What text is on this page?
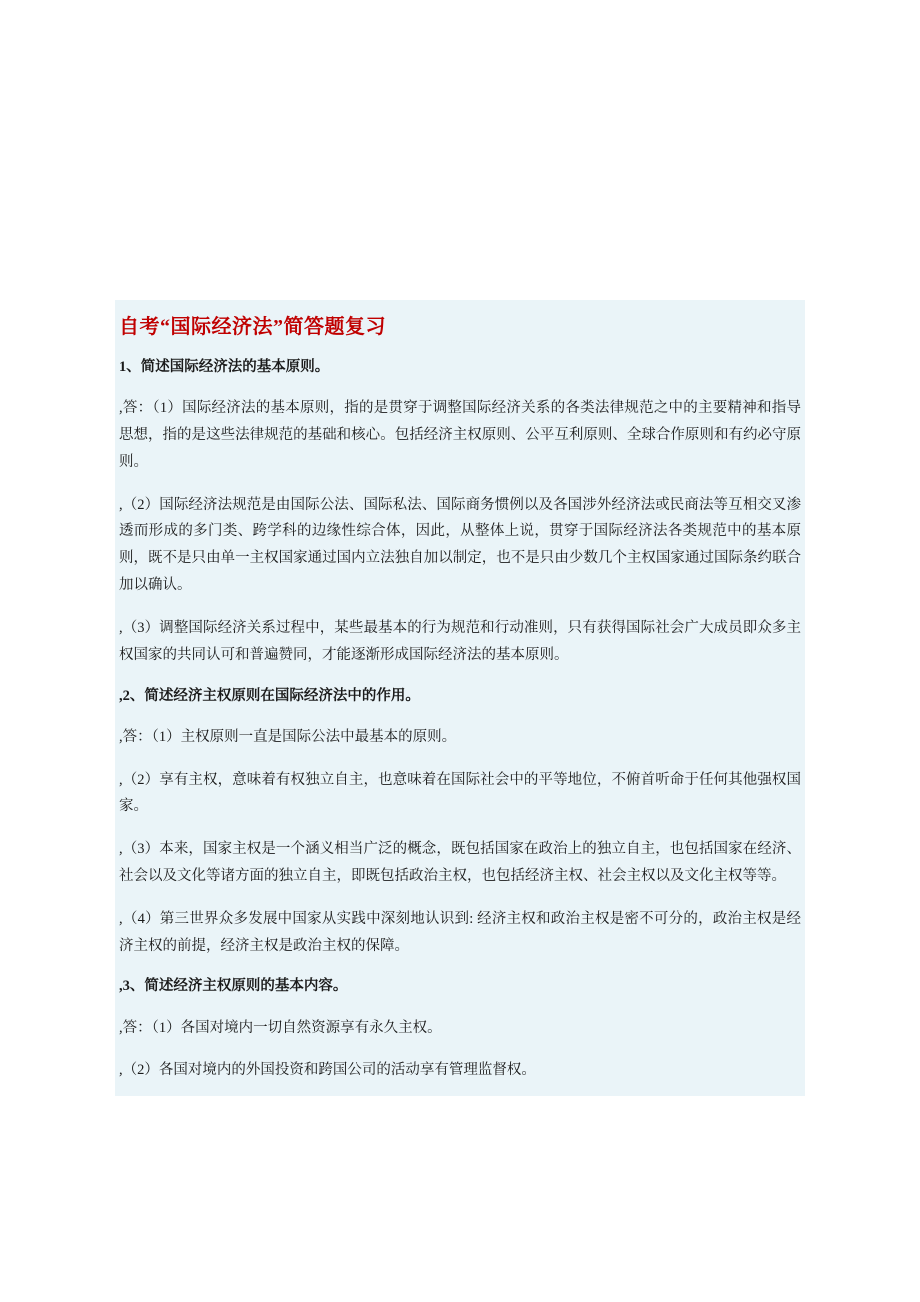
自考“国际经济法”简答题复习

1、简述国际经济法的基本原则。

,答：（1）国际经济法的基本原则，指的是贯穿于调整国际经济关系的各类法律规范之中的主要精神和指导思想，指的是这些法律规范的基础和核心。包括经济主权原则、公平互利原则、全球合作原则和有约必守原则。

,（2）国际经济法规范是由国际公法、国际私法、国际商务惯例以及各国涉外经济法或民商法等互相交叉渗透而形成的多门类、跨学科的边缘性综合体，因此，从整体上说，贯穿于国际经济法各类规范中的基本原则，既不是只由单一主权国家通过国内立法独自加以制定，也不是只由少数几个主权国家通过国际条约联合加以确认。

,（3）调整国际经济关系过程中，某些最基本的行为规范和行动准则，只有获得国际社会广大成员即众多主权国家的共同认可和普遍赞同，才能逐渐形成国际经济法的基本原则。

,2、简述经济主权原则在国际经济法中的作用。

,答：（1）主权原则一直是国际公法中最基本的原则。

,（2）享有主权，意味着有权独立自主，也意味着在国际社会中的平等地位，不俯首听命于任何其他强权国家。

,（3）本来，国家主权是一个涵义相当广泛的概念，既包括国家在政治上的独立自主，也包括国家在经济、社会以及文化等诸方面的独立自主，即既包括政治主权，也包括经济主权、社会主权以及文化主权等等。

,（4）第三世界众多发展中国家从实践中深刻地认识到: 经济主权和政治主权是密不可分的，政治主权是经济主权的前提，经济主权是政治主权的保障。

,3、简述经济主权原则的基本内容。

,答：（1）各国对境内一切自然资源享有永久主权。

,（2）各国对境内的外国投资和跨国公司的活动享有管理监督权。
